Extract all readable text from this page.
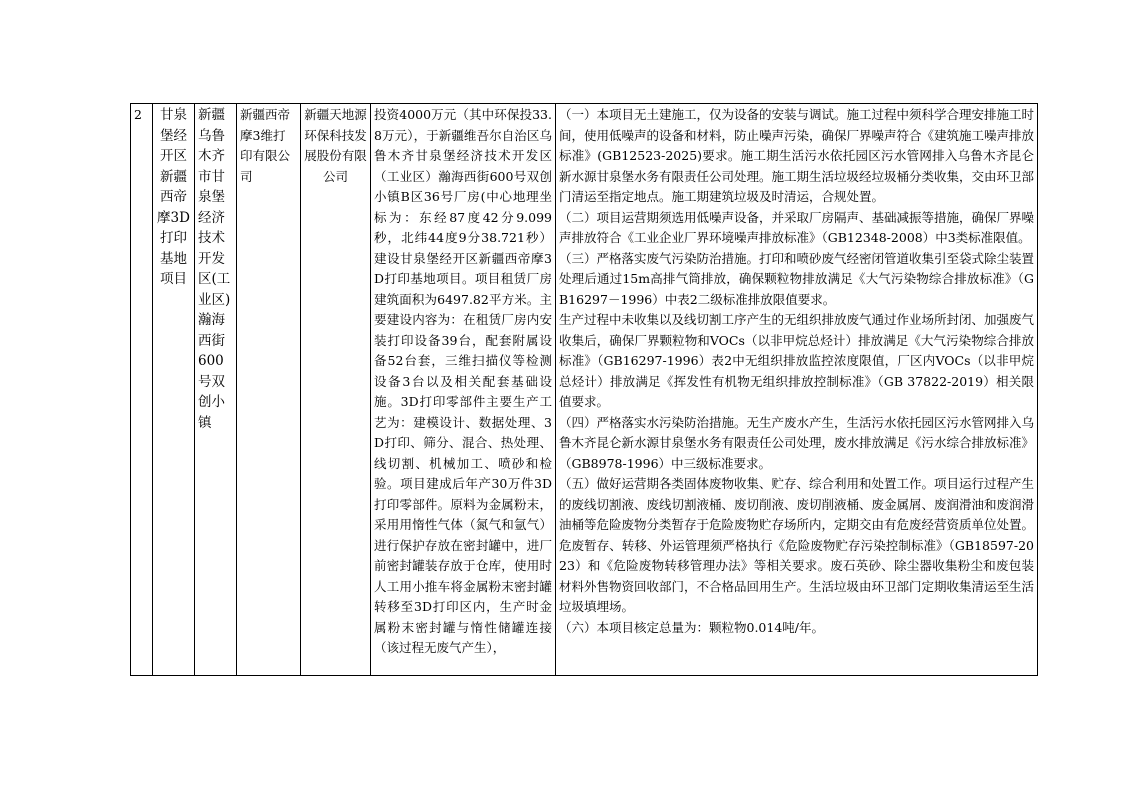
2	甘泉堡经开区新疆西帝摩3D打印基地项目	新疆乌鲁木齐市甘泉堡经济技术开发区(工业区)瀚海西街600号双创小镇	新疆西帝摩3维打印有限公司	新疆天地源环保科技发展股份有限公司	投资4000万元（其中环保投33.8万元），于新疆维吾尔自治区乌鲁木齐甘泉堡经济技术开发区（工业区）瀚海西街600号双创小镇B区36号厂房(中心地理坐标为：东经87度42分9.099秒，北纬44度9分38.721秒）建设甘泉堡经开区新疆西帝摩3D打印基地项目。项目租赁厂房建筑面积为6497.82平方米。主要建设内容为：在租赁厂房内安装打印设备39台，配套附属设备52台套，三维扫描仪等检测设备3台以及相关配套基础设施。3D打印零部件主要生产工艺为：建模设计、数据处理、3D打印、筛分、混合、热处理、线切割、机械加工、喷砂和检验。项目建成后年产30万件3D打印零部件。原料为金属粉末，采用用惰性气体（氮气和氩气）进行保护存放在密封罐中，进厂前密封罐装存放于仓库，使用时人工用小推车将金属粉末密封罐转移至3D打印区内，生产时金属粉末密封罐与惰性储罐连接（该过程无废气产生），	
（一）本项目无土建施工，仅为设备的安装与调试。施工过程中须科学合理安排施工时间，使用低噪声的设备和材料，防止噪声污染，确保厂界噪声符合《建筑施工噪声排放标准》(GB12523-2025)要求。施工期生活污水依托园区污水管网排入乌鲁木齐昆仑新水源甘泉堡水务有限责任公司处理。施工期生活垃圾经垃圾桶分类收集，交由环卫部门清运至指定地点。施工期建筑垃圾及时清运，合规处置。
（二）项目运营期须选用低噪声设备，并采取厂房隔声、基础减振等措施，确保厂界噪声排放符合《工业企业厂界环境噪声排放标准》（GB12348-2008）中3类标准限值。
（三）严格落实废气污染防治措施。打印和喷砂废气经密闭管道收集引至袋式除尘装置处理后通过15m高排气筒排放，确保颗粒物排放满足《大气污染物综合排放标准》（GB16297－1996）中表2二级标准排放限值要求。
生产过程中未收集以及线切割工序产生的无组织排放废气通过作业场所封闭、加强废气收集后，确保厂界颗粒物和VOCs（以非甲烷总烃计）排放满足《大气污染物综合排放标准》（GB16297-1996）表2中无组织排放监控浓度限值，厂区内VOCs（以非甲烷总烃计）排放满足《挥发性有机物无组织排放控制标准》（GB 37822-2019）相关限值要求。
（四）严格落实水污染防治措施。无生产废水产生，生活污水依托园区污水管网排入乌鲁木齐昆仑新水源甘泉堡水务有限责任公司处理，废水排放满足《污水综合排放标准》（GB8978-1996）中三级标准要求。
（五）做好运营期各类固体废物收集、贮存、综合利用和处置工作。项目运行过程产生的废线切割液、废线切割液桶、废切削液、废切削液桶、废金属屑、废润滑油和废润滑油桶等危险废物分类暂存于危险废物贮存场所内，定期交由有危废经营资质单位处置。危废暂存、转移、外运管理须严格执行《危险废物贮存污染控制标准》（GB18597-2023）和《危险废物转移管理办法》等相关要求。废石英砂、除尘器收集粉尘和废包装材料外售物资回收部门，不合格品回用生产。生活垃圾由环卫部门定期收集清运至生活垃圾填埋场。
（六）本项目核定总量为：颗粒物0.014吨/年。
